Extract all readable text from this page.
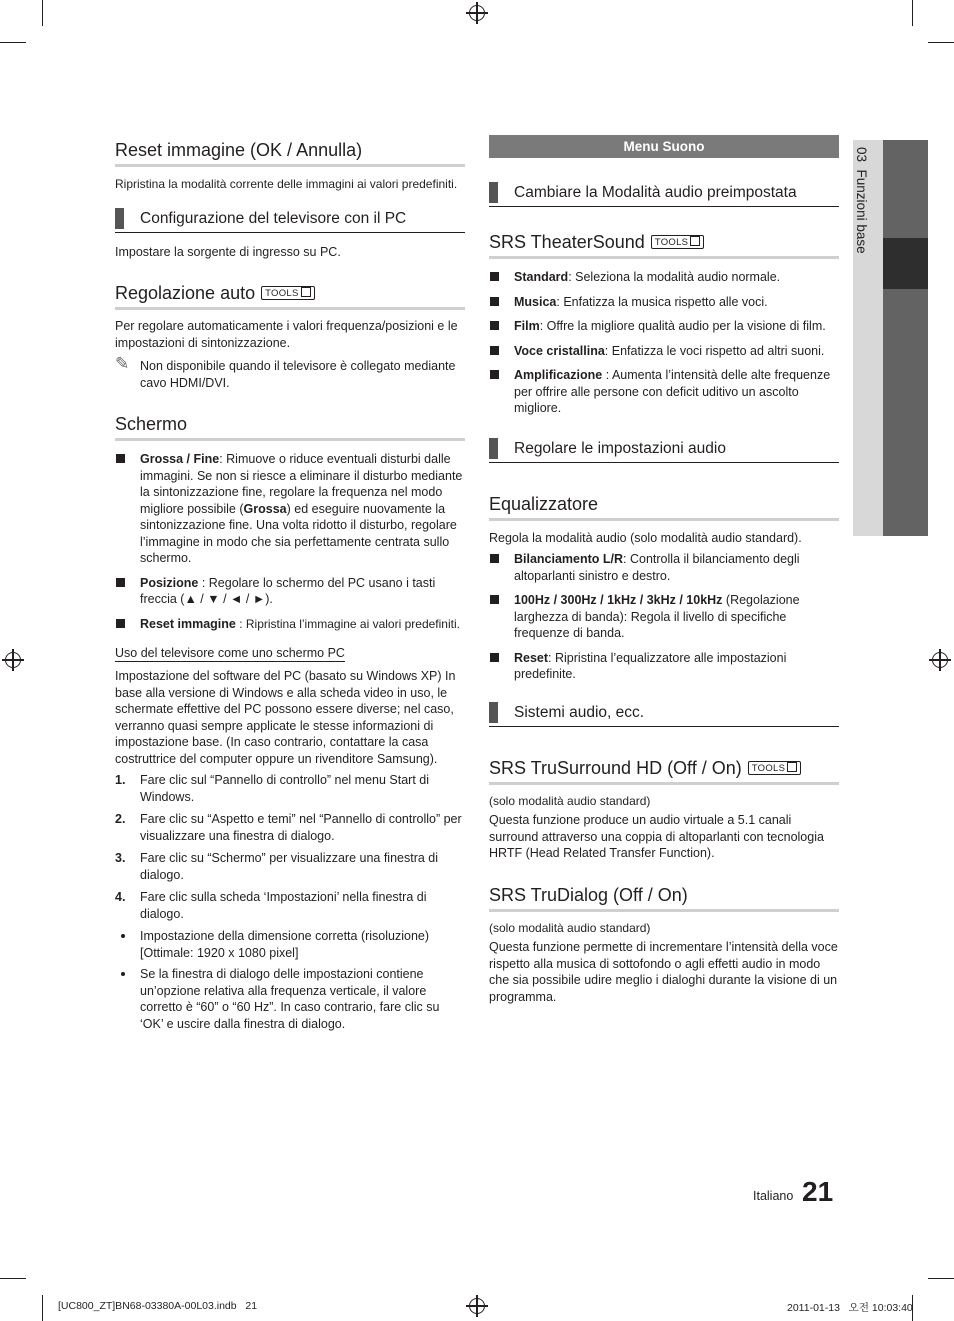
03  Funzioni base
Reset immagine (OK / Annulla)

Ripristina la modalità corrente delle immagini ai valori predefiniti.

Configurazione del televisore con il PC

Impostare la sorgente di ingresso su PC.

Regolazione auto TOOLS

Per regolare automaticamente i valori frequenza/posizioni e le impostazioni di sintonizzazione.

✎ Non disponibile quando il televisore è collegato mediante cavo HDMI/DVI.
Schermo
Grossa / Fine: Rimuove o riduce eventuali disturbi dalle immagini. Se non si riesce a eliminare il disturbo mediante la sintonizzazione fine, regolare la frequenza nel modo migliore possibile (Grossa) ed eseguire nuovamente la sintonizzazione fine. Una volta ridotto il disturbo, regolare l’immagine in modo che sia perfettamente centrata sullo schermo.
Posizione : Regolare lo schermo del PC usano i tasti freccia (▲ / ▼ / ◄ / ►).
Reset immagine : Ripristina l’immagine ai valori predefiniti.
Uso del televisore come uno schermo PC

Impostazione del software del PC (basato su Windows XP) In base alla versione di Windows e alla scheda video in uso, le schermate effettive del PC possono essere diverse; nel caso, verranno quasi sempre applicate le stesse informazioni di impostazione base. (In caso contrario, contattare la casa costruttrice del computer oppure un rivenditore Samsung).

1. Fare clic sul “Pannello di controllo” nel menu Start di Windows.
2. Fare clic su “Aspetto e temi” nel “Pannello di controllo” per visualizzare una finestra di dialogo.
3. Fare clic su “Schermo” per visualizzare una finestra di dialogo.
4. Fare clic sulla scheda ‘Impostazioni’ nella finestra di dialogo.
Impostazione della dimensione corretta (risoluzione) [Ottimale: 1920 x 1080 pixel]
Se la finestra di dialogo delle impostazioni contiene un’opzione relativa alla frequenza verticale, il valore corretto è “60” o “60 Hz”. In caso contrario, fare clic su ‘OK’ e uscire dalla finestra di dialogo.
Menu Suono
Cambiare la Modalità audio preimpostata
SRS TheaterSound TOOLS
Standard: Seleziona la modalità audio normale.
Musica: Enfatizza la musica rispetto alle voci.
Film: Offre la migliore qualità audio per la visione di film.
Voce cristallina: Enfatizza le voci rispetto ad altri suoni.
Amplificazione : Aumenta l’intensità delle alte frequenze per offrire alle persone con deficit uditivo un ascolto migliore.
Regolare le impostazioni audio
Equalizzatore

Regola la modalità audio (solo modalità audio standard).

Bilanciamento L/R: Controlla il bilanciamento degli altoparlanti sinistro e destro.
100Hz / 300Hz / 1kHz / 3kHz / 10kHz (Regolazione larghezza di banda): Regola il livello di specifiche frequenze di banda.
Reset: Ripristina l’equalizzatore alle impostazioni predefinite.
Sistemi audio, ecc.
SRS TruSurround HD (Off / On) TOOLS

(solo modalità audio standard)

Questa funzione produce un audio virtuale a 5.1 canali surround attraverso una coppia di altoparlanti con tecnologia HRTF (Head Related Transfer Function).

SRS TruDialog (Off / On)

(solo modalità audio standard)

Questa funzione permette di incrementare l’intensità della voce rispetto alla musica di sottofondo o agli effetti audio in modo che sia possibile udire meglio i dialoghi durante la visione di un programma.

Italiano 21
[UC800_ZT]BN68-03380A-00L03.indb   21	2011-01-13   오전 10:03:40
